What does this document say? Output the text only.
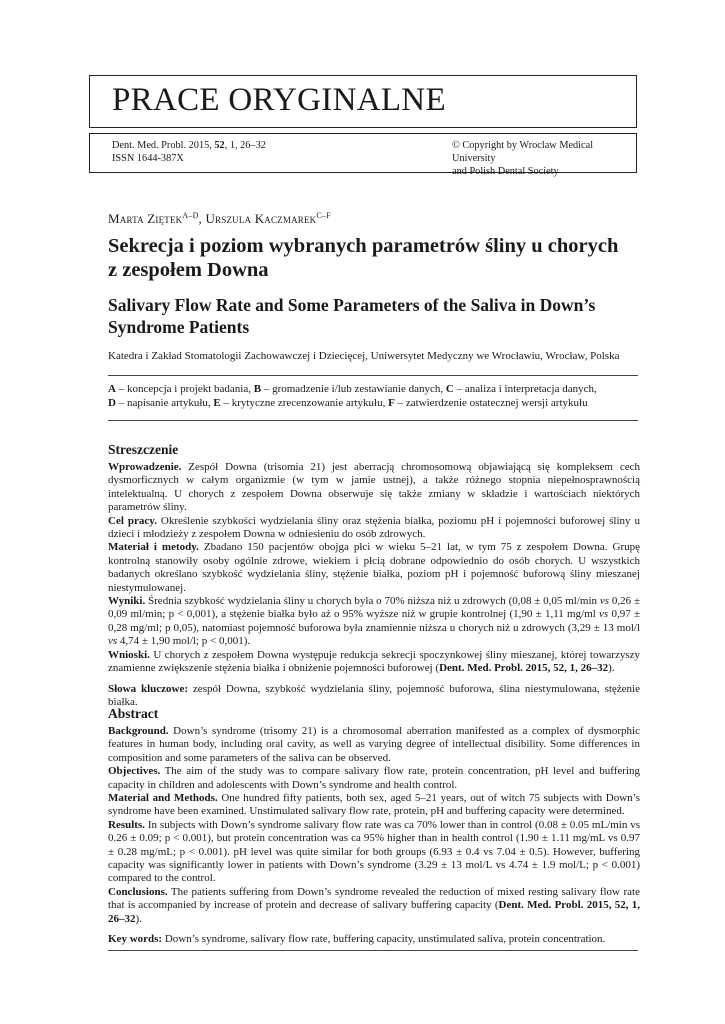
PRACE ORYGINALNE
Dent. Med. Probl. 2015, 52, 1, 26–32
ISSN 1644-387X
© Copyright by Wroclaw Medical University
and Polish Dental Society
Marta Ziętek$^{A-D}$, Urszula Kaczmarek$^{C-F}$
Sekrecja i poziom wybranych parametrów śliny u chorych z zespołem Downa
Salivary Flow Rate and Some Parameters of the Saliva in Down’s Syndrome Patients
Katedra i Zakład Stomatologii Zachowawczej i Dziecięcej, Uniwersytet Medyczny we Wrocławiu, Wrocław, Polska
A – koncepcja i projekt badania, B – gromadzenie i/lub zestawianie danych, C – analiza i interpretacja danych,
D – napisanie artykułu, E – krytyczne zrecenzowanie artykułu, F – zatwierdzenie ostatecznej wersji artykułu
Streszczenie

Wprowadzenie. Zespół Downa (trisomia 21) jest aberracją chromosomową objawiającą się kompleksem cech dysmorficznych w całym organizmie (w tym w jamie ustnej), a także różnego stopnia niepełnosprawnością intelektualną. U chorych z zespołem Downa obserwuje się także zmiany w składzie i wartościach niektórych parametrów śliny.

Cel pracy. Określenie szybkości wydzielania śliny oraz stężenia białka, poziomu pH i pojemności buforowej śliny u dzieci i młodzieży z zespołem Downa w odniesieniu do osób zdrowych.

Materiał i metody. Zbadano 150 pacjentów obojga płci w wieku 5–21 lat, w tym 75 z zespołem Downa. Grupę kontrolną stanowiły osoby ogólnie zdrowe, wiekiem i płcią dobrane odpowiednio do osób chorych. U wszystkich badanych określano szybkość wydzielania śliny, stężenie białka, poziom pH i pojemność buforową śliny mieszanej niestymulowanej.

Wyniki. Średnia szybkość wydzielania śliny u chorych była o 70% niższa niż u zdrowych (0,08 ± 0,05 ml/min vs 0,26 ± 0,09 ml/min; p < 0,001), a stężenie białka było aż o 95% wyższe niż w grupie kontrolnej (1,90 ± 1,11 mg/ml vs 0,97 ± 0,28 mg/ml; p 0,05), natomiast pojemność buforowa była znamiennie niższa u chorych niż u zdrowych (3,29 ± 13 mol/l vs 4,74 ± 1,90 mol/l; p < 0,001).

Wnioski. U chorych z zespołem Downa występuje redukcja sekrecji spoczynkowej śliny mieszanej, której towarzyszy znamienne zwiększenie stężenia białka i obniżenie pojemności buforowej (Dent. Med. Probl. 2015, 52, 1, 26–32).

Słowa kluczowe: zespół Downa, szybkość wydzielania śliny, pojemność buforowa, ślina niestymulowana, stężenie białka.

Abstract

Background. Down’s syndrome (trisomy 21) is a chromosomal aberration manifested as a complex of dysmorphic features in human body, including oral cavity, as well as varying degree of intellectual disibility. Some differences in composition and some parameters of the saliva can be observed.

Objectives. The aim of the study was to compare salivary flow rate, protein concentration, pH level and buffering capacity in children and adolescents with Down’s syndrome and health control.

Material and Methods. One hundred fifty patients, both sex, aged 5–21 years, out of witch 75 subjects with Down’s syndrome have been examined. Unstimulated salivary flow rate, protein, pH and buffering capacity were determined.

Results. In subjects with Down’s syndrome salivary flow rate was ca 70% lower than in control (0.08 ± 0.05 mL/min vs 0.26 ± 0.09; p < 0.001), but protein concentration was ca 95% higher than in health control (1.90 ± 1.11 mg/mL vs 0.97 ± 0.28 mg/mL; p < 0.001). pH level was quite similar for both groups (6.93 ± 0.4 vs 7.04 ± 0.5). However, buffering capacity was significantly lower in patients with Down’s syndrome (3.29 ± 13 mol/L vs 4.74 ± 1.9 mol/L; p < 0.001) compared to the control.

Conclusions. The patients suffering from Down’s syndrome revealed the reduction of mixed resting salivary flow rate that is accompanied by increase of protein and decrease of salivary buffering capacity (Dent. Med. Probl. 2015, 52, 1, 26–32).

Key words: Down’s syndrome, salivary flow rate, buffering capacity, unstimulated saliva, protein concentration.
